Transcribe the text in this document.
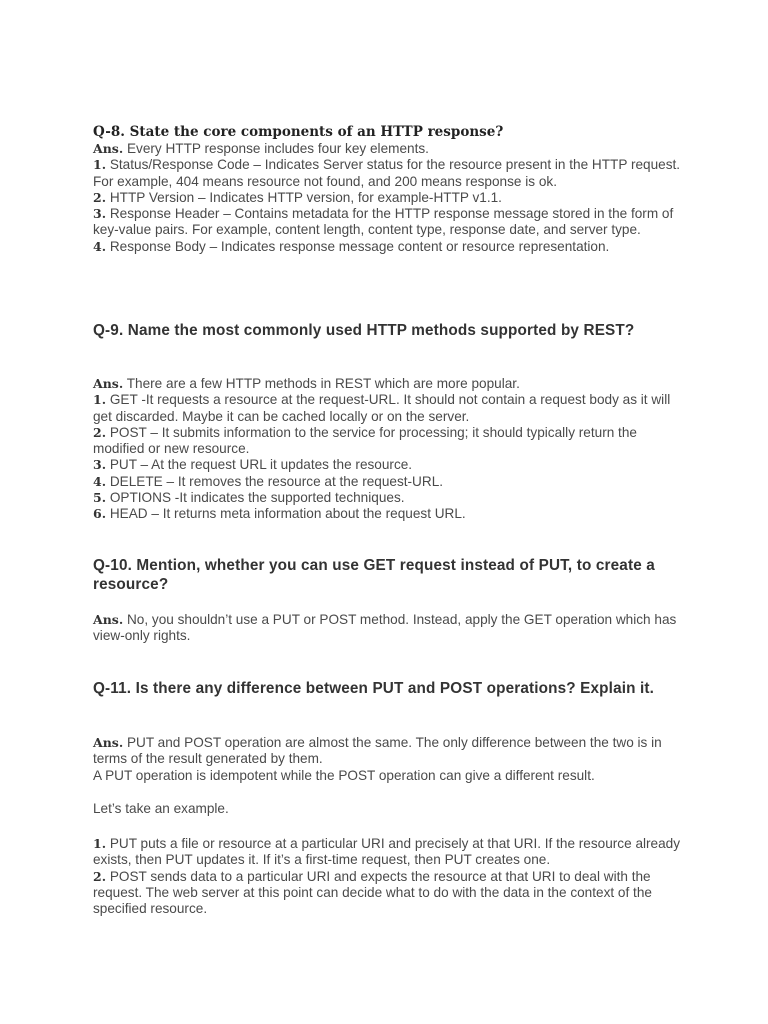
Q-8. State the core components of an HTTP response?

Ans. Every HTTP response includes four key elements.

1. Status/Response Code – Indicates Server status for the resource present in the HTTP request. For example, 404 means resource not found, and 200 means response is ok.

2. HTTP Version – Indicates HTTP version, for example-HTTP v1.1.

3. Response Header – Contains metadata for the HTTP response message stored in the form of key-value pairs. For example, content length, content type, response date, and server type.

4. Response Body – Indicates response message content or resource representation.

Q-9. Name the most commonly used HTTP methods supported by REST?

Ans. There are a few HTTP methods in REST which are more popular.

1. GET -It requests a resource at the request-URL. It should not contain a request body as it will get discarded. Maybe it can be cached locally or on the server.

2. POST – It submits information to the service for processing; it should typically return the modified or new resource.

3. PUT – At the request URL it updates the resource.

4. DELETE – It removes the resource at the request-URL.

5. OPTIONS -It indicates the supported techniques.

6. HEAD – It returns meta information about the request URL.

Q-10. Mention, whether you can use GET request instead of PUT, to create a resource?

Ans. No, you shouldn’t use a PUT or POST method. Instead, apply the GET operation which has view-only rights.

Q-11. Is there any difference between PUT and POST operations? Explain it.

Ans. PUT and POST operation are almost the same. The only difference between the two is in terms of the result generated by them.

A PUT operation is idempotent while the POST operation can give a different result.

Let’s take an example.

1. PUT puts a file or resource at a particular URI and precisely at that URI. If the resource already exists, then PUT updates it. If it’s a first-time request, then PUT creates one.

2. POST sends data to a particular URI and expects the resource at that URI to deal with the request. The web server at this point can decide what to do with the data in the context of the specified resource.
